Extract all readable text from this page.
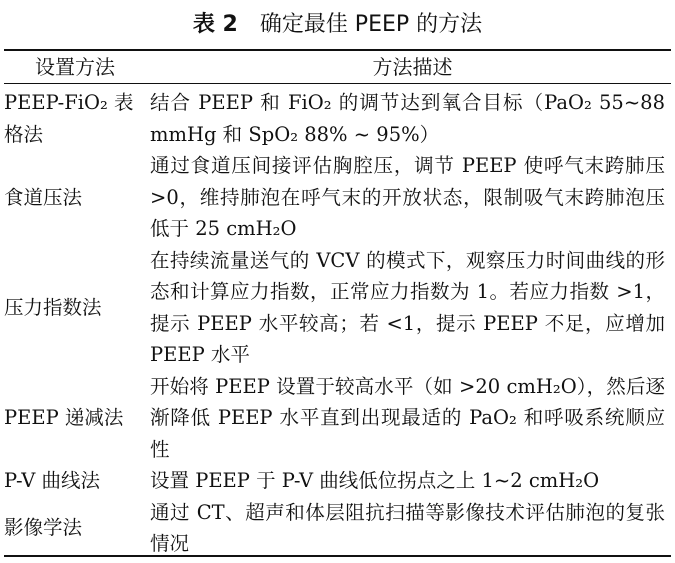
表 2 确定最佳 PEEP 的方法
设置方法	方法描述
PEEP-FiO₂ 表格法
结合 PEEP 和 FiO₂ 的调节达到氧合目标（PaO₂ 55~88 mmHg 和 SpO₂ 88% ~ 95%）
食道压法
通过食道压间接评估胸腔压，调节 PEEP 使呼气末跨肺压 >0，维持肺泡在呼气末的开放状态，限制吸气末跨肺泡压低于 25 cmH₂O
压力指数法
在持续流量送气的 VCV 的模式下，观察压力时间曲线的形态和计算应力指数，正常应力指数为 1。若应力指数 >1，提示 PEEP 水平较高；若 <1，提示 PEEP 不足，应增加 PEEP 水平
PEEP 递减法
开始将 PEEP 设置于较高水平（如 >20 cmH₂O），然后逐渐降低 PEEP 水平直到出现最适的 PaO₂ 和呼吸系统顺应性
P-V 曲线法	设置 PEEP 于 P-V 曲线低位拐点之上 1~2 cmH₂O
影像学法
通过 CT、超声和体层阻抗扫描等影像技术评估肺泡的复张情况
